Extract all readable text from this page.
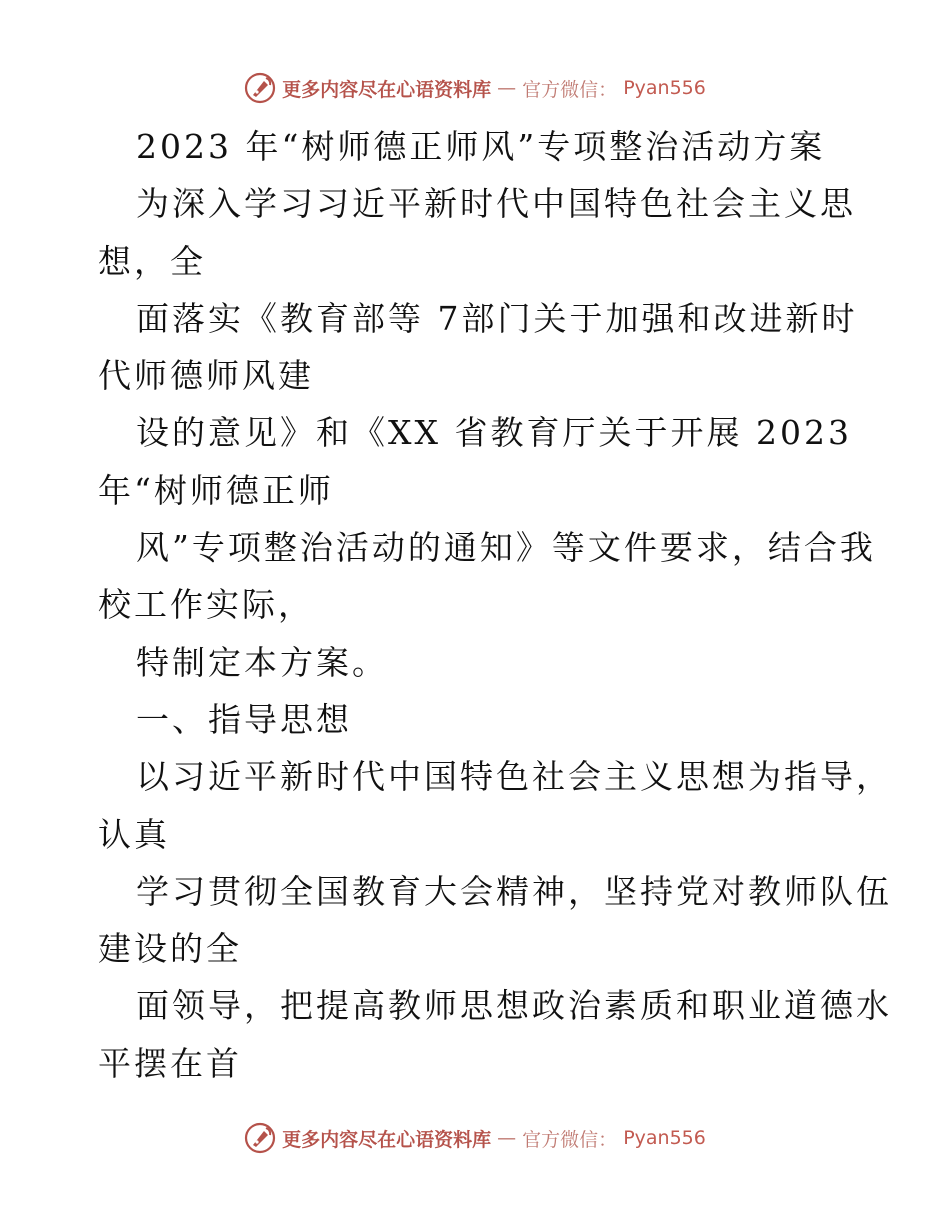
更多内容尽在心语资料库 — 官方微信： Pyan556
2023 年“树师德正师风”专项整治活动方案
为深入学习习近平新时代中国特色社会主义思
想，全
面落实《教育部等 7部门关于加强和改进新时
代师德师风建
设的意见》和《XX 省教育厅关于开展 2023
年“树师德正师
风”专项整治活动的通知》等文件要求，结合我
校工作实际，
特制定本方案。
一、指导思想
以习近平新时代中国特色社会主义思想为指导，
认真
学习贯彻全国教育大会精神，坚持党对教师队伍
建设的全
面领导，把提高教师思想政治素质和职业道德水
平摆在首
更多内容尽在心语资料库 — 官方微信： Pyan556
